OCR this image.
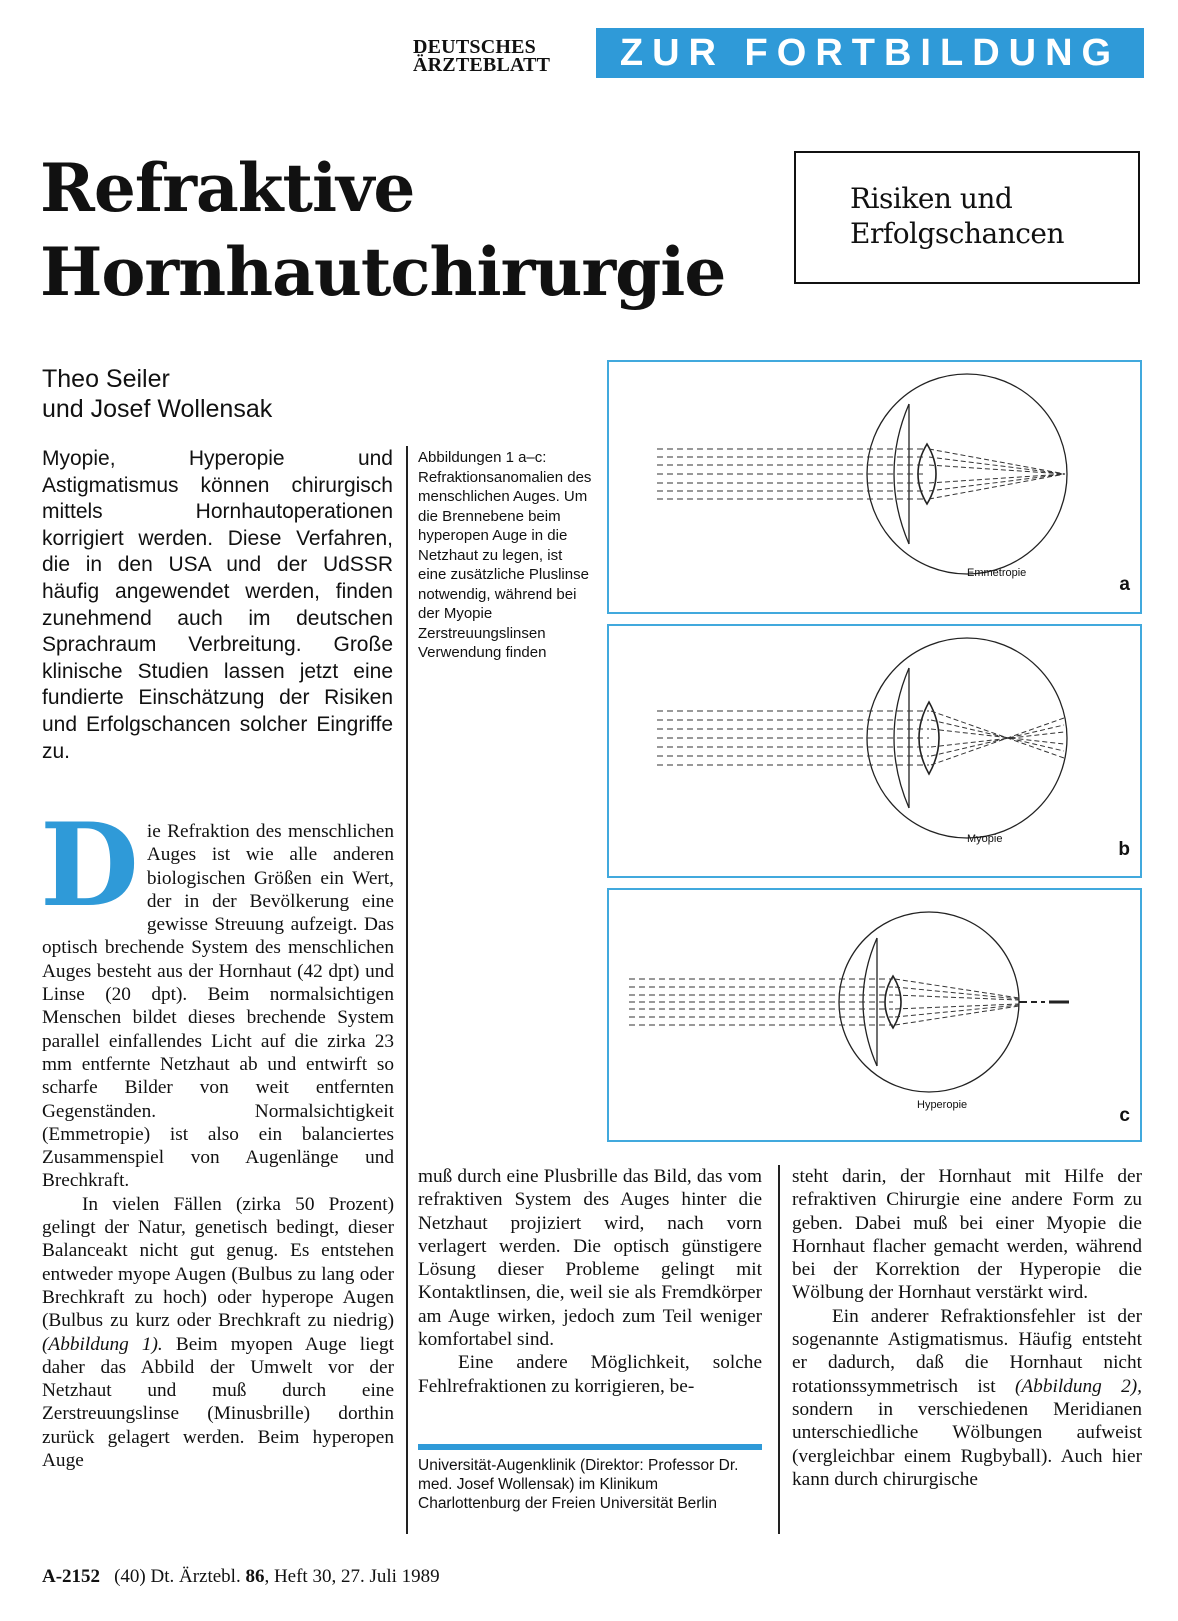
DEUTSCHES
ÄRZTEBLATT	ZUR FORTBILDUNG
Refraktive
Hornhautchirurgie
Risiken und
Erfolgschancen
Theo Seiler
und Josef Wollensak
Myopie, Hyperopie und Astigmatismus können chirurgisch mittels Hornhautoperationen korrigiert werden. Diese Verfahren, die in den USA und der UdSSR häufig angewendet werden, finden zunehmend auch im deutschen Sprachraum Verbreitung. Große klinische Studien lassen jetzt eine fundierte Einschätzung der Risiken und Erfolgschancen solcher Eingriffe zu.
Abbildungen 1 a–c: Refraktionsanomalien des menschlichen Auges. Um die Brennebene beim hyperopen Auge in die Netzhaut zu legen, ist eine zusätzliche Pluslinse notwendig, während bei der Myopie Zerstreuungslinsen Verwendung finden
Emmetropie
a
Myopie	b
Hyperopie	c

Die Refraktion des menschlichen Auges ist wie alle anderen biologischen Größen ein Wert, der in der Bevölkerung eine gewisse Streuung aufzeigt. Das optisch brechende System des menschlichen Auges besteht aus der Hornhaut (42 dpt) und Linse (20 dpt). Beim normalsichtigen Menschen bildet dieses brechende System parallel einfallendes Licht auf die zirka 23 mm entfernte Netzhaut ab und entwirft so scharfe Bilder von weit entfernten Gegenständen. Normalsichtigkeit (Emmetropie) ist also ein balanciertes Zusammenspiel von Augenlänge und Brechkraft.

In vielen Fällen (zirka 50 Prozent) gelingt der Natur, genetisch bedingt, dieser Balanceakt nicht gut genug. Es entstehen entweder myope Augen (Bulbus zu lang oder Brechkraft zu hoch) oder hyperope Augen (Bulbus zu kurz oder Brechkraft zu niedrig) (Abbildung 1). Beim myopen Auge liegt daher das Abbild der Umwelt vor der Netzhaut und muß durch eine Zerstreuungslinse (Minusbrille) dorthin zurück gelagert werden. Beim hyperopen Auge

muß durch eine Plusbrille das Bild, das vom refraktiven System des Auges hinter die Netzhaut projiziert wird, nach vorn verlagert werden. Die optisch günstigere Lösung dieser Probleme gelingt mit Kontaktlinsen, die, weil sie als Fremdkörper am Auge wirken, jedoch zum Teil weniger komfortabel sind.

Eine andere Möglichkeit, solche Fehlrefraktionen zu korrigieren, be-

Universität-Augenklinik (Direktor: Professor Dr. med. Josef Wollensak) im Klinikum Charlottenburg der Freien Universität Berlin

steht darin, der Hornhaut mit Hilfe der refraktiven Chirurgie eine andere Form zu geben. Dabei muß bei einer Myopie die Hornhaut flacher gemacht werden, während bei der Korrektion der Hyperopie die Wölbung der Hornhaut verstärkt wird.

Ein anderer Refraktionsfehler ist der sogenannte Astigmatismus. Häufig entsteht er dadurch, daß die Hornhaut nicht rotationssymmetrisch ist (Abbildung 2), sondern in verschiedenen Meridianen unterschiedliche Wölbungen aufweist (vergleichbar einem Rugbyball). Auch hier kann durch chirurgische

A-2152 (40) Dt. Ärztebl. 86, Heft 30, 27. Juli 1989
